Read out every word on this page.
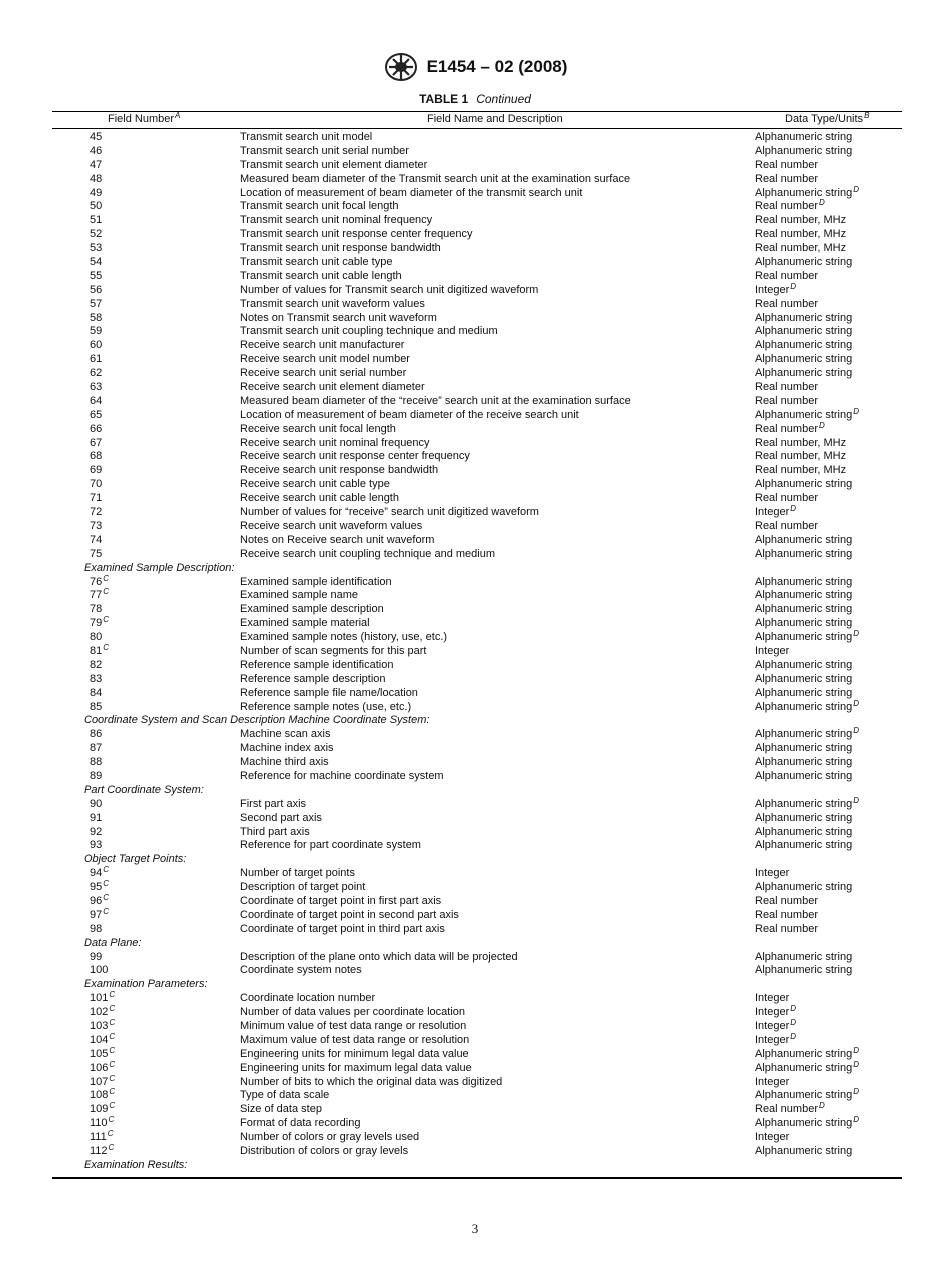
E1454 – 02 (2008)
TABLE 1 Continued
Field Number$^A$	Field Name and Description	Data Type/Units$^B$
45	Transmit search unit model	Alphanumeric string
46	Transmit search unit serial number	Alphanumeric string
47	Transmit search unit element diameter	Real number
48	Measured beam diameter of the Transmit search unit at the examination surface	Real number
49	Location of measurement of beam diameter of the transmit search unit	Alphanumeric string$^D$
50	Transmit search unit focal length	Real number$^D$
51	Transmit search unit nominal frequency	Real number, MHz
52	Transmit search unit response center frequency	Real number, MHz
53	Transmit search unit response bandwidth	Real number, MHz
54	Transmit search unit cable type	Alphanumeric string
55	Transmit search unit cable length	Real number
56	Number of values for Transmit search unit digitized waveform	Integer$^D$
57	Transmit search unit waveform values	Real number
58	Notes on Transmit search unit waveform	Alphanumeric string
59	Transmit search unit coupling technique and medium	Alphanumeric string
60	Receive search unit manufacturer	Alphanumeric string
61	Receive search unit model number	Alphanumeric string
62	Receive search unit serial number	Alphanumeric string
63	Receive search unit element diameter	Real number
64	Measured beam diameter of the “receive” search unit at the examination surface	Real number
65	Location of measurement of beam diameter of the receive search unit	Alphanumeric string$^D$
66	Receive search unit focal length	Real number$^D$
67	Receive search unit nominal frequency	Real number, MHz
68	Receive search unit response center frequency	Real number, MHz
69	Receive search unit response bandwidth	Real number, MHz
70	Receive search unit cable type	Alphanumeric string
71	Receive search unit cable length	Real number
72	Number of values for “receive” search unit digitized waveform	Integer$^D$
73	Receive search unit waveform values	Real number
74	Notes on Receive search unit waveform	Alphanumeric string
75	Receive search unit coupling technique and medium	Alphanumeric string
Examined Sample Description:
$76^C$	Examined sample identification	Alphanumeric string
$77^C$	Examined sample name	Alphanumeric string
78	Examined sample description	Alphanumeric string
$79^C$	Examined sample material	Alphanumeric string
80	Examined sample notes (history, use, etc.)	Alphanumeric string$^D$
$81^C$	Number of scan segments for this part	Integer
82	Reference sample identification	Alphanumeric string
83	Reference sample description	Alphanumeric string
84	Reference sample file name/location	Alphanumeric string
85	Reference sample notes (use, etc.)	Alphanumeric string$^D$
Coordinate System and Scan Description Machine Coordinate System:
86	Machine scan axis	Alphanumeric string$^D$
87	Machine index axis	Alphanumeric string
88	Machine third axis	Alphanumeric string
89	Reference for machine coordinate system	Alphanumeric string
Part Coordinate System:
90	First part axis	Alphanumeric string$^D$
91	Second part axis	Alphanumeric string
92	Third part axis	Alphanumeric string
93	Reference for part coordinate system	Alphanumeric string
Object Target Points:
$94^C$	Number of target points	Integer
$95^C$	Description of target point	Alphanumeric string
$96^C$	Coordinate of target point in first part axis	Real number
$97^C$	Coordinate of target point in second part axis	Real number
98	Coordinate of target point in third part axis	Real number
Data Plane:
99	Description of the plane onto which data will be projected	Alphanumeric string
100	Coordinate system notes	Alphanumeric string
Examination Parameters:
$101^C$	Coordinate location number	Integer
$102^C$	Number of data values per coordinate location	Integer$^D$
$103^C$	Minimum value of test data range or resolution	Integer$^D$
$104^C$	Maximum value of test data range or resolution	Integer$^D$
$105^C$	Engineering units for minimum legal data value	Alphanumeric string$^D$
$106^C$	Engineering units for maximum legal data value	Alphanumeric string$^D$
$107^C$	Number of bits to which the original data was digitized	Integer
$108^C$	Type of data scale	Alphanumeric string$^D$
$109^C$	Size of data step	Real number$^D$
$110^C$	Format of data recording	Alphanumeric string$^D$
$111^C$	Number of colors or gray levels used	Integer
$112^C$	Distribution of colors or gray levels	Alphanumeric string
Examination Results:
3
